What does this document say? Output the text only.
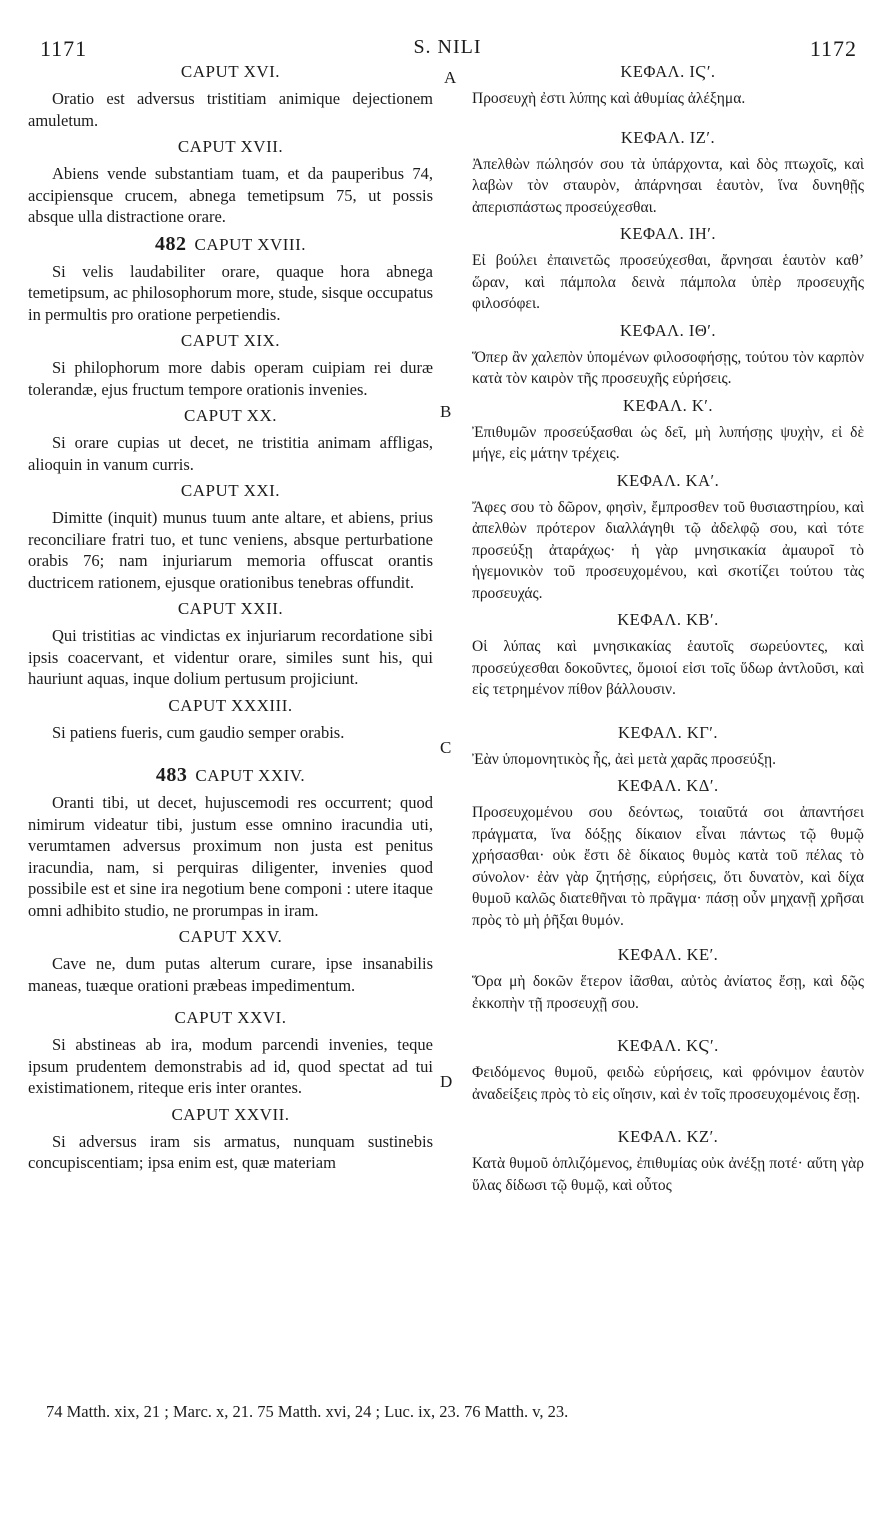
1171	S. NILI	1172
A
B
C
D
CAPUT XVI.

Oratio est adversus tristitiam animique dejectionem amuletum.

CAPUT XVII.

Abiens vende substantiam tuam, et da pauperibus 74, accipiensque crucem, abnega temetipsum 75, ut possis absque ulla distractione orare.

482 CAPUT XVIII.

Si velis laudabiliter orare, quaque hora abnega temetipsum, ac philosophorum more, stude, sisque occupatus in permultis pro oratione perpetiendis.

CAPUT XIX.

Si philophorum more dabis operam cuipiam rei duræ tolerandæ, ejus fructum tempore orationis invenies.

CAPUT XX.

Si orare cupias ut decet, ne tristitia animam affligas, alioquin in vanum curris.

CAPUT XXI.

Dimitte (inquit) munus tuum ante altare, et abiens, prius reconciliare fratri tuo, et tunc veniens, absque perturbatione orabis 76; nam injuriarum memoria offuscat orantis ductricem rationem, ejusque orationibus tenebras offundit.

CAPUT XXII.

Qui tristitias ac vindictas ex injuriarum recordatione sibi ipsis coacervant, et videntur orare, similes sunt his, qui hauriunt aquas, inque dolium pertusum projiciunt.

CAPUT XXXIII.

Si patiens fueris, cum gaudio semper orabis.

483 CAPUT XXIV.

Oranti tibi, ut decet, hujuscemodi res occurrent; quod nimirum videatur tibi, justum esse omnino iracundia uti, verumtamen adversus proximum non justa est penitus iracundia, nam, si perquiras diligenter, invenies quod possibile est et sine ira negotium bene componi : utere itaque omni adhibito studio, ne prorumpas in iram.

CAPUT XXV.

Cave ne, dum putas alterum curare, ipse insanabilis maneas, tuæque orationi præbeas impedimentum.

CAPUT XXVI.

Si abstineas ab ira, modum parcendi invenies, teque ipsum prudentem demonstrabis ad id, quod spectat ad tui existimationem, riteque eris inter orantes.

CAPUT XXVII.

Si adversus iram sis armatus, nunquam sustinebis concupiscentiam; ipsa enim est, quæ materiam

ΚΕΦΑΛ. ΙϚʹ.

Προσευχὴ ἐστι λύπης καὶ ἀθυμίας ἀλέξημα.

ΚΕΦΑΛ. ΙΖʹ.

Ἀπελθὼν πώλησόν σου τὰ ὑπάρχοντα, καὶ δὸς πτωχοῖς, καὶ λαβὼν τὸν σταυρὸν, ἀπάρνησαι ἑαυτὸν, ἵνα δυνηθῇς ἀπερισπάστως προσεύχεσθαι.

ΚΕΦΑΛ. ΙΗʹ.

Εἰ βούλει ἐπαινετῶς προσεύχεσθαι, ἄρνησαι ἑαυτὸν καθ’ ὥραν, καὶ πάμπολα δεινὰ πάμπολα ὑπὲρ προσευχῆς φιλοσόφει.

ΚΕΦΑΛ. ΙΘʹ.

Ὅπερ ἂν χαλεπὸν ὑπομένων φιλοσοφήσῃς, τούτου τὸν καρπὸν κατὰ τὸν καιρὸν τῆς προσευχῆς εὑρήσεις.

ΚΕΦΑΛ. Κʹ.

Ἐπιθυμῶν προσεύξασθαι ὡς δεῖ, μὴ λυπήσῃς ψυχὴν, εἰ δὲ μήγε, εἰς μάτην τρέχεις.

ΚΕΦΑΛ. ΚΑʹ.

Ἄφες σου τὸ δῶρον, φησὶν, ἔμπροσθεν τοῦ θυσιαστηρίου, καὶ ἀπελθὼν πρότερον διαλλάγηθι τῷ ἀδελφῷ σου, καὶ τότε προσεύξῃ ἀταράχως· ἡ γὰρ μνησικακία ἀμαυροῖ τὸ ἡγεμονικὸν τοῦ προσευχομένου, καὶ σκοτίζει τούτου τὰς προσευχάς.

ΚΕΦΑΛ. ΚΒʹ.

Οἱ λύπας καὶ μνησικακίας ἑαυτοῖς σωρεύοντες, καὶ προσεύχεσθαι δοκοῦντες, ὅμοιοί εἰσι τοῖς ὕδωρ ἀντλοῦσι, καὶ εἰς τετρημένον πίθον βάλλουσιν.

ΚΕΦΑΛ. ΚΓʹ.

Ἐὰν ὑπομονητικὸς ἧς, ἀεὶ μετὰ χαρᾶς προσεύξῃ.

ΚΕΦΑΛ. ΚΔʹ.

Προσευχομένου σου δεόντως, τοιαῦτά σοι ἀπαντήσει πράγματα, ἵνα δόξῃς δίκαιον εἶναι πάντως τῷ θυμῷ χρήσασθαι· οὐκ ἔστι δὲ δίκαιος θυμὸς κατὰ τοῦ πέλας τὸ σύνολον· ἐὰν γὰρ ζητήσῃς, εὑρήσεις, ὅτι δυνατὸν, καὶ δίχα θυμοῦ καλῶς διατεθῆναι τὸ πρᾶγμα· πάσῃ οὖν μηχανῇ χρῆσαι πρὸς τὸ μὴ ῥῆξαι θυμόν.

ΚΕΦΑΛ. ΚΕʹ.

Ὅρα μὴ δοκῶν ἕτερον ἰᾶσθαι, αὐτὸς ἀνίατος ἔσῃ, καὶ δῷς ἐκκοπὴν τῇ προσευχῇ σου.

ΚΕΦΑΛ. ΚϚʹ.

Φειδόμενος θυμοῦ, φειδὼ εὑρήσεις, καὶ φρόνιμον ἑαυτὸν ἀναδείξεις πρὸς τὸ εἰς οἴησιν, καὶ ἐν τοῖς προσευχομένοις ἔσῃ.

ΚΕΦΑΛ. ΚΖʹ.

Κατὰ θυμοῦ ὁπλιζόμενος, ἐπιθυμίας οὐκ ἀνέξῃ ποτέ· αὕτη γὰρ ὕλας δίδωσι τῷ θυμῷ, καὶ οὗτος

74 Matth. xix, 21 ; Marc. x, 21. 75 Matth. xvi, 24 ; Luc. ix, 23. 76 Matth. v, 23.
